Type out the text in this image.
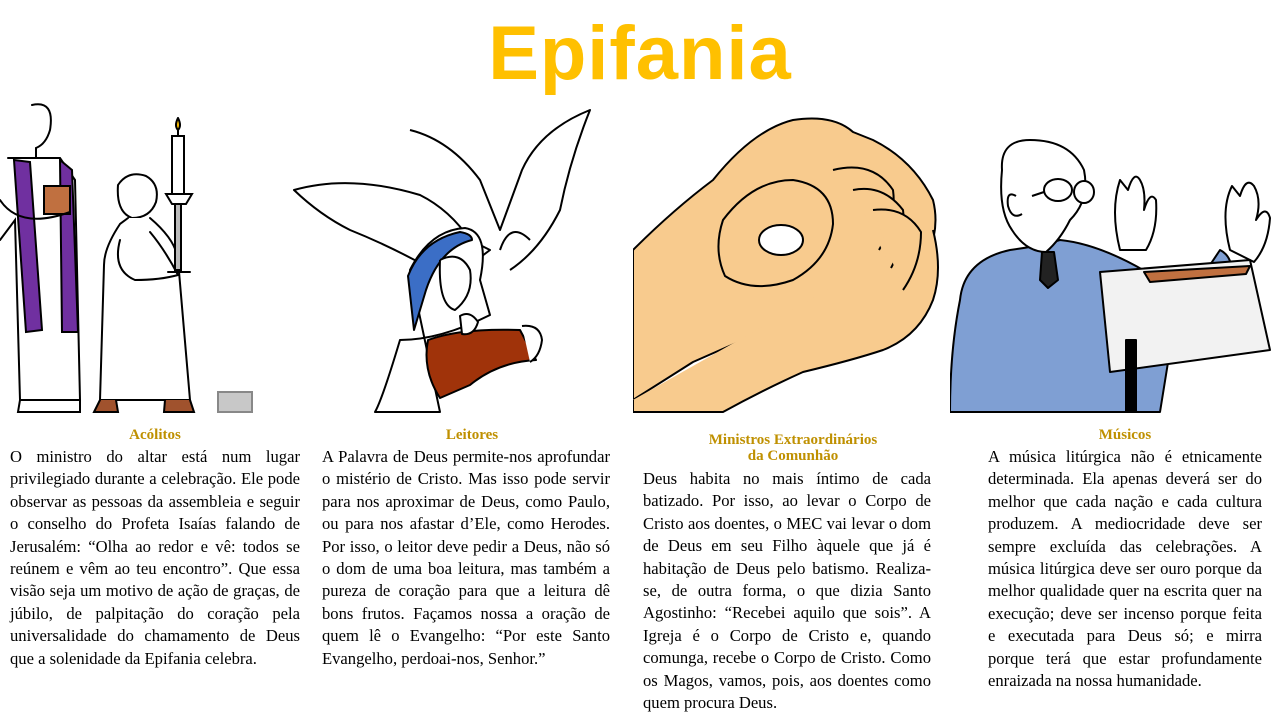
Epifania
Acólitos	Leitores	Ministros Extraordinários
da Comunhão
Músicos
O ministro do altar está num lugar privilegiado durante a celebração. Ele pode observar as pessoas da assembleia e seguir o conselho do Profeta Isaías falando de Jerusalém: “Olha ao redor e vê: todos se reúnem e vêm ao teu encontro”. Que essa visão seja um motivo de ação de graças, de júbilo, de palpitação do coração pela universalidade do chamamento de Deus que a solenidade da Epifania celebra.
A Palavra de Deus permite-nos aprofundar o mistério de Cristo. Mas isso pode servir para nos aproximar de Deus, como Paulo, ou para nos afastar d’Ele, como Herodes. Por isso, o leitor deve pedir a Deus, não só o dom de uma boa leitura, mas também a pureza de coração para que a leitura dê bons frutos. Façamos nossa a oração de quem lê o Evangelho: “Por este Santo Evangelho, perdoai-nos, Senhor.”
Deus habita no mais íntimo de cada batizado. Por isso, ao levar o Corpo de Cristo aos doentes, o MEC vai levar o dom de Deus em seu Filho àquele que já é habitação de Deus pelo batismo. Realiza-se, de outra forma, o que dizia Santo Agostinho: “Recebei aquilo que sois”. A Igreja é o Corpo de Cristo e, quando comunga, recebe o Corpo de Cristo. Como os Magos, vamos, pois, aos doentes como quem procura Deus.
A música litúrgica não é etnicamente determinada. Ela apenas deverá ser do melhor que cada nação e cada cultura produzem. A mediocridade deve ser sempre excluída das celebrações. A música litúrgica deve ser ouro porque da melhor qualidade quer na escrita quer na execução; deve ser incenso porque feita e executada para Deus só; e mirra porque terá que estar profundamente enraizada na nossa humanidade.
